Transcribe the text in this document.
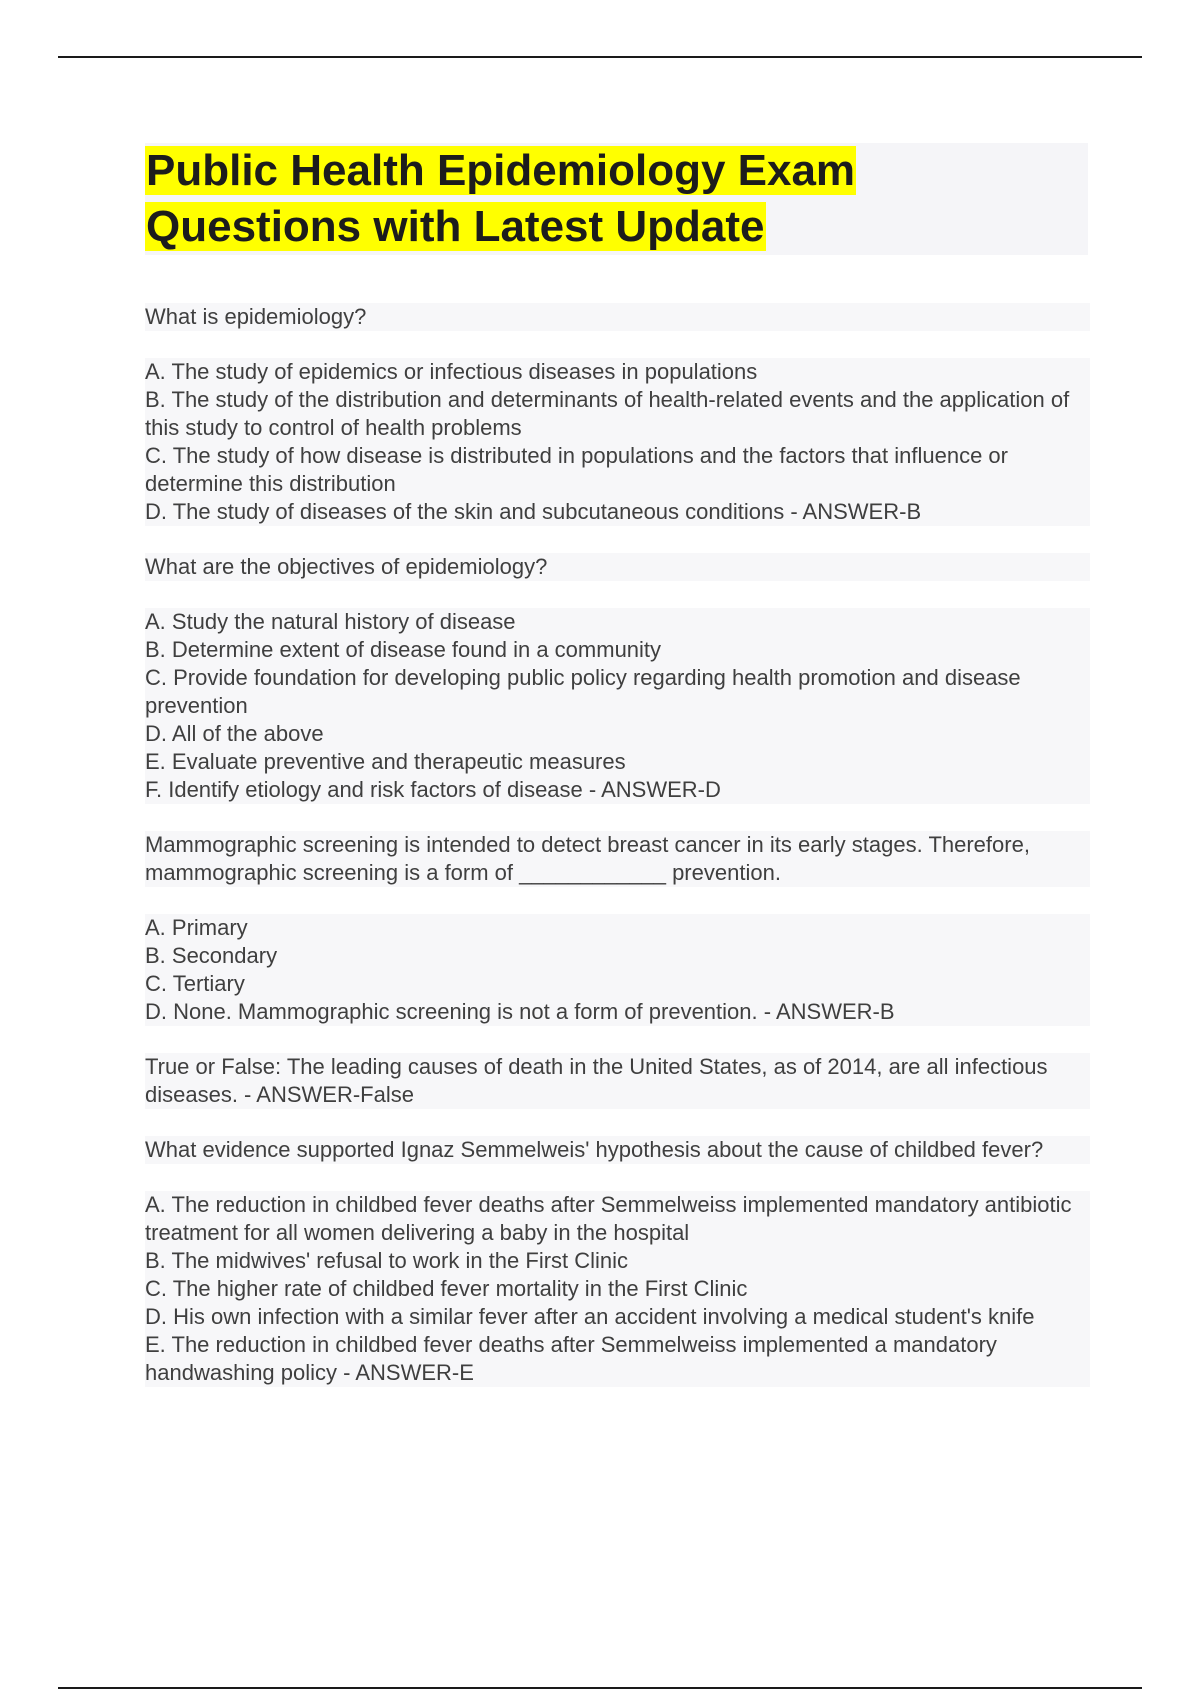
Public Health Epidemiology Exam
Questions with Latest Update

What is epidemiology?

A. The study of epidemics or infectious diseases in populations

B. The study of the distribution and determinants of health-related events and the application of this study to control of health problems

C. The study of how disease is distributed in populations and the factors that influence or determine this distribution

D. The study of diseases of the skin and subcutaneous conditions - ANSWER-B

What are the objectives of epidemiology?

A. Study the natural history of disease

B. Determine extent of disease found in a community

C. Provide foundation for developing public policy regarding health promotion and disease prevention

D. All of the above

E. Evaluate preventive and therapeutic measures

F. Identify etiology and risk factors of disease - ANSWER-D

Mammographic screening is intended to detect breast cancer in its early stages. Therefore, mammographic screening is a form of ____________ prevention.

A. Primary

B. Secondary

C. Tertiary

D. None. Mammographic screening is not a form of prevention. - ANSWER-B

True or False: The leading causes of death in the United States, as of 2014, are all infectious diseases. - ANSWER-False

What evidence supported Ignaz Semmelweis' hypothesis about the cause of childbed fever?

A. The reduction in childbed fever deaths after Semmelweiss implemented mandatory antibiotic treatment for all women delivering a baby in the hospital

B. The midwives' refusal to work in the First Clinic

C. The higher rate of childbed fever mortality in the First Clinic

D. His own infection with a similar fever after an accident involving a medical student's knife

E. The reduction in childbed fever deaths after Semmelweiss implemented a mandatory handwashing policy - ANSWER-E
